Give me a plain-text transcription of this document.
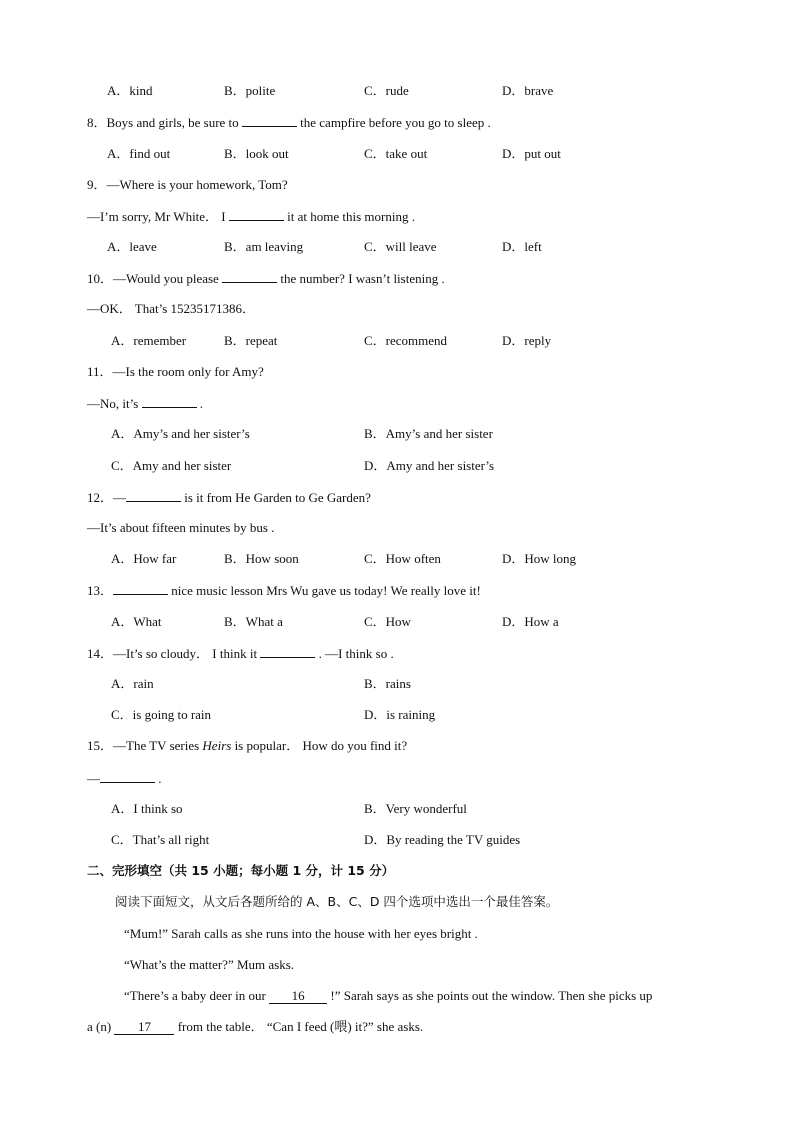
A．kind	B．polite	C．rude	D．brave
8．Boys and girls, be sure to	the campfire before you go to sleep .
A．find out	B．look out	C．take out	D．put out
9．—Where is your homework, Tom?
—I’m sorry, Mr White． I	it at home this morning .
A．leave	B．am leaving	C．will leave	D．left
10．—Would you please	the number? I wasn’t listening .
—OK． That’s 15235171386．
A．remember	B．repeat	C．recommend	D．reply
11．—Is the room only for Amy?
—No, it’s	.
A．Amy’s and her sister’s	B．Amy’s and her sister
C．Amy and her sister	D．Amy and her sister’s
12．—	is it from He Garden to Ge Garden?
—It’s about fifteen minutes by bus .
A．How far	B．How soon	C．How often	D．How long
13．	nice music lesson Mrs Wu gave us today! We really love it!
A．What	B．What a	C．How	D．How a
14．—It’s so cloudy． I think it	. —I think so .
A．rain	B．rains
C．is going to rain	D．is raining
15．—The TV series Heirs is popular． How do you find it?
—	.
A．I think so	B．Very wonderful
C．That’s all right	D．By reading the TV guides
二、完形填空（共 15 小题；每小题 1 分，计 15 分）
阅读下面短文，从文后各题所给的 A、B、C、D 四个选项中选出一个最佳答案。
“Mum!” Sarah calls as she runs into the house with her eyes bright .
“What’s the matter?” Mum asks.
“There’s a baby deer in our 16 !” Sarah says as she points out the window. Then she picks up
a (n) 17 from the table． “Can I feed (喂) it?” she asks.
